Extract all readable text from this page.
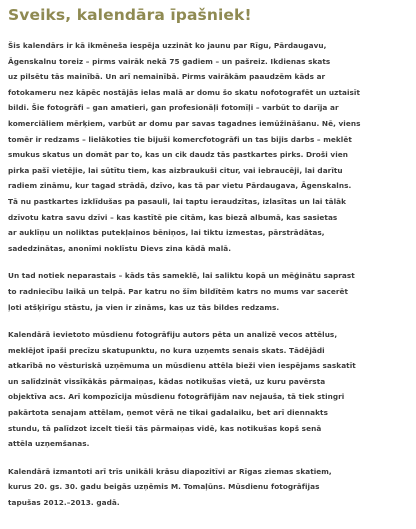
Sveiks, kalendāra īpašniek!

Šis kalendārs ir kā ikmēneša iespēja uzzināt ko jaunu par Rīgu, Pārdaugavu,
Āgenskalnu toreiz – pirms vairāk nekā 75 gadiem – un pašreiz. Ikdienas skats
uz pilsētu tās mainībā. Un arī nemainībā. Pirms vairākām paaudzēm kāds ar
fotokameru nez kāpēc nostājās ielas malā ar domu šo skatu nofotografēt un uztaisīt
bildi. Šie fotogrāfi – gan amatieri, gan profesionāļi fotomīļi – varbūt to darīja ar
komerciāliem mērķiem, varbūt ar domu par savas tagadnes iemūžināšanu. Nē, viens
tomēr ir redzams – lielākoties tie bijuši komercfotogrāfi un tas bijis darbs – meklēt
smukus skatus un domāt par to, kas un cik daudz tās pastkartes pirks. Droši vien
pirka pašī vietējie, lai sūtītu tiem, kas aizbraukuši citur, vai iebraucēji, lai darītu
radiem zināmu, kur tagad strādā, dzīvo, kas tā par vietu Pārdaugava, Āgenskalns.
Tā nu pastkartes izklīdušas pa pasauli, lai taptu ieraudzītas, izlasītas un lai tālāk
dzīvotu katra savu dzīvi – kas kastītē pie citām, kas biezā albumā, kas sasietas
ar auklīņu un noliktas putekļainos bēniņos, lai tiktu izmestas, pārstrādātas,
sadedzinātas, anonīmi noklīstu Dievs zina kādā malā.

Un tad notiek neparastais – kāds tās sameklē, lai saliktu kopā un mēģinātu saprast
to radniecību laikā un telpā. Par katru no šīm bildītēm katrs no mums var sacerēt
ļoti atšķirīgu stāstu, ja vien ir zināms, kas uz tās bildes redzams.

Kalendārā ievietoto mūsdienu fotogrāfiju autors pēta un analizē vecos attēlus,
meklējot īpaši precīzu skatupunktu, no kura uzņemts senais skats. Tādējādi
atkarībā no vēsturiskā uzņēmuma un mūsdienu attēla bieži vien iespējams saskatīt
un salīdzināt vissīkākās pārmaiņas, kādas notikušas vietā, uz kuru pavērsta
objektīva acs. Arī kompozīcija mūsdienu fotogrāfijām nav nejauša, tā tiek stingri
pakārtota senajam attēlam, ņemot vērā ne tikai gadalaiku, bet arī diennakts
stundu, tā palīdzot izcelt tieši tās pārmaiņas vidē, kas notikušas kopš senā
attēla uzņemšanas.

Kalendārā izmantoti arī trīs unikāli krāsu diapozitīvi ar Rīgas ziemas skatiem,
kurus 20. gs. 30. gadu beigās uzņēmis M. Tomaļūns. Mūsdienu fotogrāfijas
tapušas 2012.–2013. gadā.
